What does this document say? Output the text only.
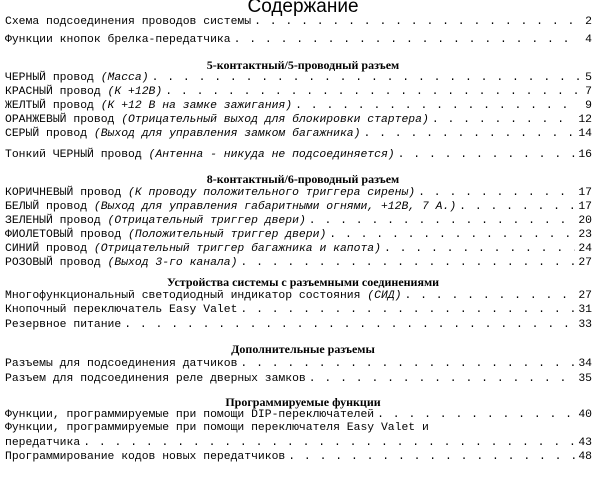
Содержание
Схема подсоединения проводов системы . . .	2
Функции кнопок брелка-передатчика . . .	4
5-контактный/5-проводный разъем
ЧЕРНЫЙ провод (Масса) . . .	5
КРАСНЫЙ провод (К +12В) . . .	7
ЖЕЛТЫЙ провод (К +12 В на замке зажигания) . . .	9
ОРАНЖЕВЫЙ провод (Отрицательный выход для блокировки стартера) . . .	12
СЕРЫЙ провод (Выход для управления замком багажника) . . .	14
Тонкий ЧЕРНЫЙ провод (Антенна - никуда не подсоединяется) . . .	16
8-контактный/6-проводный разъем
КОРИЧНЕВЫЙ провод (К проводу положительного триггера сирены) . . .	17
БЕЛЫЙ провод (Выход для управления габаритными огнями, +12В, 7 А.) . . .	17
ЗЕЛЕНЫЙ провод (Отрицательный триггер двери) . . .	20
ФИОЛЕТОВЫЙ провод (Положительный триггер двери) . . .	23
СИНИЙ провод (Отрицательный триггер багажника и капота) . . .	24
РОЗОВЫЙ провод (Выход 3-го канала) . . .	27
Устройства системы с разъемными соединениями
Многофункциональный светодиодный индикатор состояния (СИД) . . .	27
Кнопочный переключатель Easy Valet . . .	31
Резервное питание . . .	33
Дополнительные разъемы
Разъемы для подсоединения датчиков . . .	34
Разъем для подсоединения реле дверных замков . . .	35
Программируемые функции
Функции, программируемые при помощи DIP-переключателей . . .	40
Функции, программируемые при помощи переключателя Easy Valet и
передатчика . . .	43
Программирование кодов новых передатчиков . . .	48
